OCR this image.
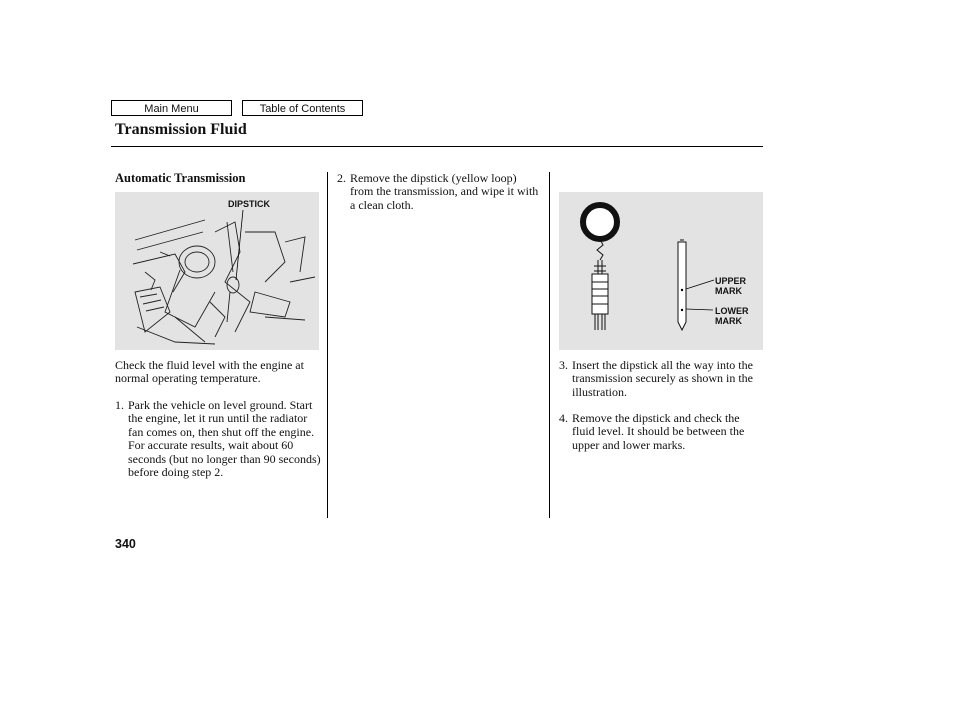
Main Menu	Table of Contents
Transmission Fluid
Automatic Transmission
DIPSTICK
Check the fluid level with the engine at normal operating temperature.
1. Park the vehicle on level ground. Start the engine, let it run until the radiator fan comes on, then shut off the engine. For accurate results, wait about 60 seconds (but no longer than 90 seconds) before doing step 2.
2. Remove the dipstick (yellow loop) from the transmission, and wipe it with a clean cloth.
UPPER
MARK
LOWER
MARK
3. Insert the dipstick all the way into the transmission securely as shown in the illustration.
4. Remove the dipstick and check the fluid level. It should be between the upper and lower marks.
340
